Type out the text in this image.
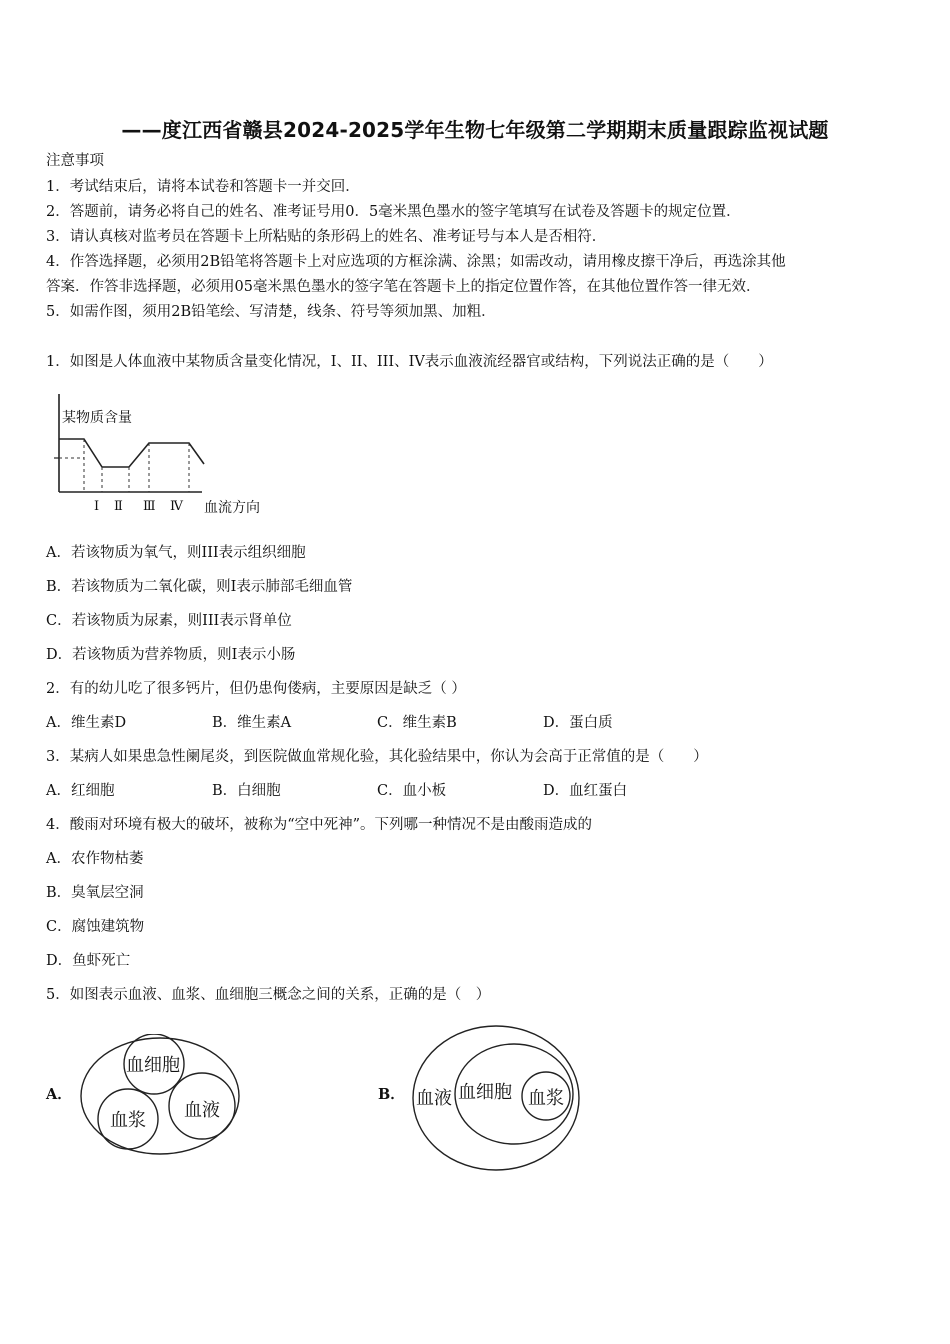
——度江西省赣县2024-2025学年生物七年级第二学期期末质量跟踪监视试题
注意事项
1．考试结束后，请将本试卷和答题卡一并交回．
2．答题前，请务必将自己的姓名、准考证号用0．5毫米黑色墨水的签字笔填写在试卷及答题卡的规定位置．
3．请认真核对监考员在答题卡上所粘贴的条形码上的姓名、准考证号与本人是否相符．
4．作答选择题，必须用2B铅笔将答题卡上对应选项的方框涂满、涂黑；如需改动，请用橡皮擦干净后，再选涂其他
答案．作答非选择题，必须用05毫米黑色墨水的签字笔在答题卡上的指定位置作答，在其他位置作答一律无效．
5．如需作图，须用2B铅笔绘、写清楚，线条、符号等须加黑、加粗．
1．如图是人体血液中某物质含量变化情况，I、II、III、IV表示血液流经器官或结构，下列说法正确的是（　　）
某物质含量
Ⅰ Ⅱ Ⅲ Ⅳ 血流方向
A．若该物质为氧气，则III表示组织细胞
B．若该物质为二氧化碳，则I表示肺部毛细血管
C．若该物质为尿素，则III表示肾单位
D．若该物质为营养物质，则I表示小肠
2．有的幼儿吃了很多钙片，但仍患佝偻病，主要原因是缺乏（ ）
A．维生素D	B．维生素A	C．维生素B	D．蛋白质
3．某病人如果患急性阑尾炎，到医院做血常规化验，其化验结果中，你认为会高于正常值的是（　　）
A．红细胞	B．白细胞	C．血小板	D．血红蛋白
4．酸雨对环境有极大的破坏，被称为“空中死神”。下列哪一种情况不是由酸雨造成的
A．农作物枯萎
B．臭氧层空洞
C．腐蚀建筑物
D．鱼虾死亡
5．如图表示血液、血浆、血细胞三概念之间的关系，正确的是（　）
A．
血细胞
血浆 血液
B． 血液 血细胞 血浆
